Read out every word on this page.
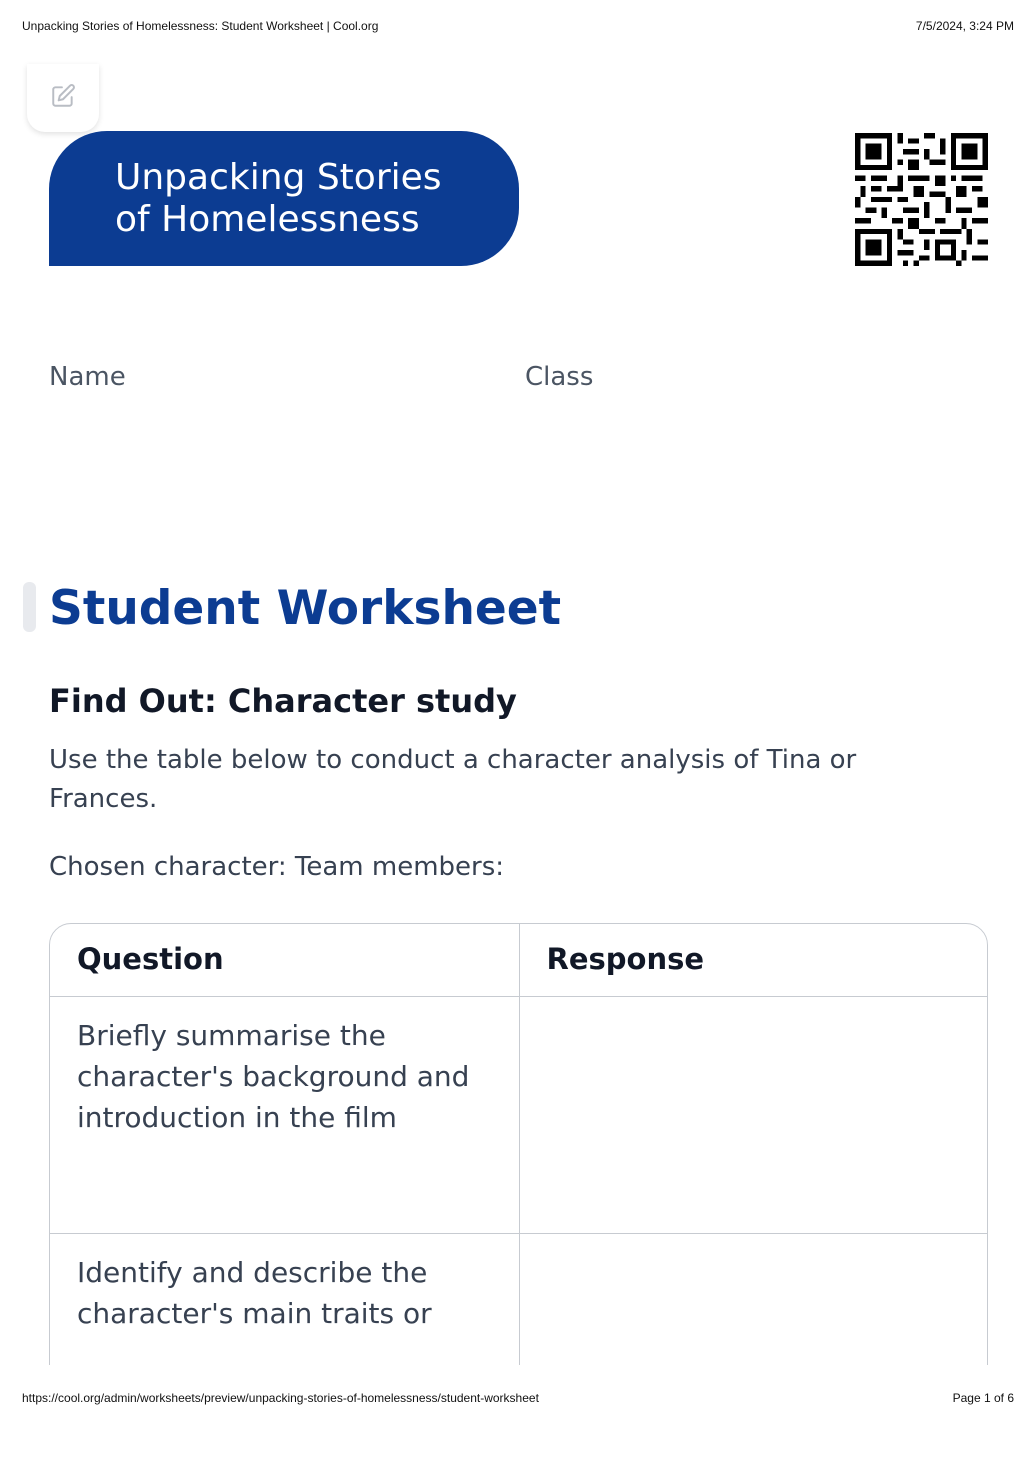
Unpacking Stories of Homelessness: Student Worksheet | Cool.org	7/5/2024, 3:24 PM
Unpacking Stories
of Homelessness
Name	Class
Student Worksheet
Find Out: Character study

Use the table below to conduct a character analysis of Tina or Frances.

Chosen character: Team members:

Question	Response
Briefly summarise the character's background and introduction in the film
Identify and describe the character's main traits or
https://cool.org/admin/worksheets/preview/unpacking-stories-of-homelessness/student-worksheet	Page 1 of 6
